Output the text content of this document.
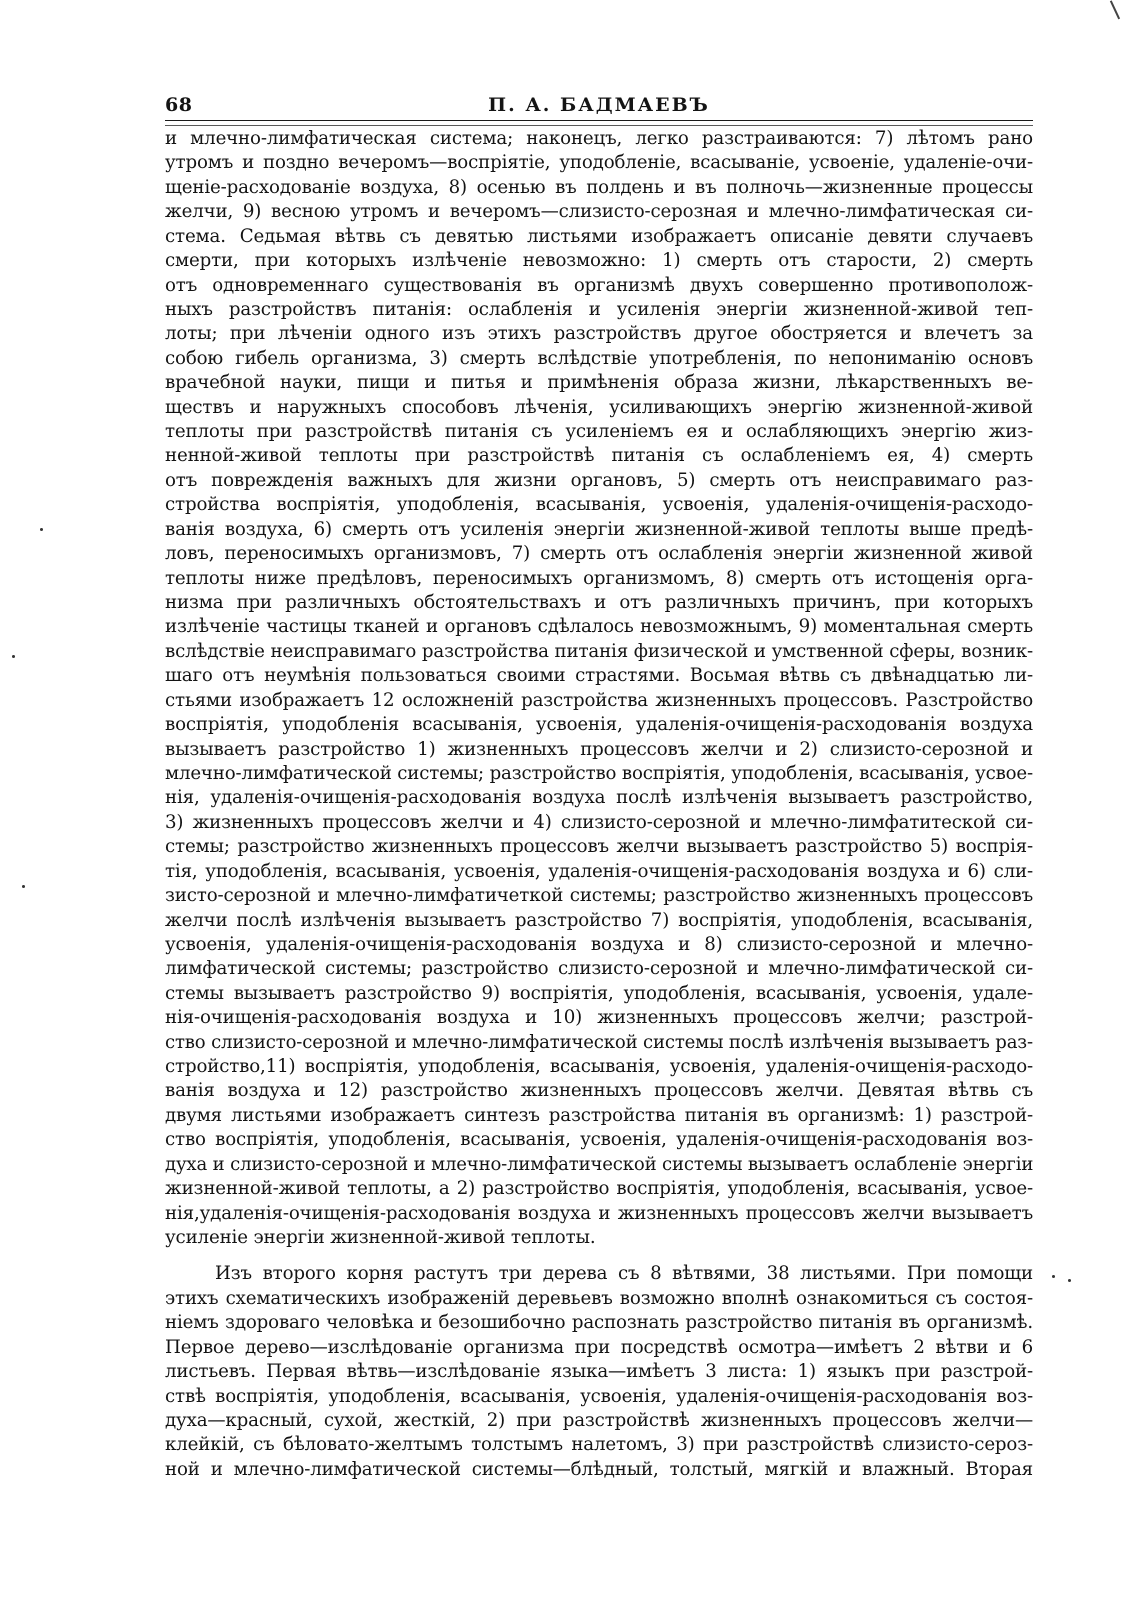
68	П. А. БАДМАЕВЪ
и млечно-лимфатическая система; наконецъ, легко разстраиваются: 7) лѣтомъ рано
утромъ и поздно вечеромъ—воспріятіе, уподобленіе, всасываніе, усвоеніе, удаленіе-очи-
щеніе-расходованіе воздуха, 8) осенью въ полдень и въ полночь—жизненные процессы
желчи, 9) весною утромъ и вечеромъ—слизисто-серозная и млечно-лимфатическая си-
стема. Седьмая вѣтвь съ девятью листьями изображаетъ описаніе девяти случаевъ
смерти, при которыхъ излѣченіе невозможно: 1) смерть отъ старости, 2) смерть
отъ одновременнаго существованія въ организмѣ двухъ совершенно противополож-
ныхъ разстройствъ питанія: ослабленія и усиленія энергіи жизненной-живой теп-
лоты; при лѣченіи одного изъ этихъ разстройствъ другое обостряется и влечетъ за
собою гибель организма, 3) смерть вслѣдствіе употребленія, по непониманію основъ
врачебной науки, пищи и питья и примѣненія образа жизни, лѣкарственныхъ ве-
ществъ и наружныхъ способовъ лѣченія, усиливающихъ энергію жизненной-живой
теплоты при разстройствѣ питанія съ усиленіемъ ея и ослабляющихъ энергію жиз-
ненной-живой теплоты при разстройствѣ питанія съ ослабленіемъ ея, 4) смерть
отъ поврежденія важныхъ для жизни органовъ, 5) смерть отъ неисправимаго раз-
стройства воспріятія, уподобленія, всасыванія, усвоенія, удаленія-очищенія-расходо-
ванія воздуха, 6) смерть отъ усиленія энергіи жизненной-живой теплоты выше предѣ-
ловъ, переносимыхъ организмовъ, 7) смерть отъ ослабленія энергіи жизненной живой
теплоты ниже предѣловъ, переносимыхъ организмомъ, 8) смерть отъ истощенія орга-
низма при различныхъ обстоятельствахъ и отъ различныхъ причинъ, при которыхъ
излѣченіе частицы тканей и органовъ сдѣлалось невозможнымъ, 9) моментальная смерть
вслѣдствіе неисправимаго разстройства питанія физической и умственной сферы, возник-
шаго отъ неумѣнія пользоваться своими страстями. Восьмая вѣтвь съ двѣнадцатью ли-
стьями изображаетъ 12 осложненій разстройства жизненныхъ процессовъ. Разстройство
воспріятія, уподобленія всасыванія, усвоенія, удаленія-очищенія-расходованія воздуха
вызываетъ разстройство 1) жизненныхъ процессовъ желчи и 2) слизисто-серозной и
млечно-лимфатической системы; разстройство воспріятія, уподобленія, всасыванія, усвое-
нія, удаленія-очищенія-расходованія воздуха послѣ излѣченія вызываетъ разстройство,
3) жизненныхъ процессовъ желчи и 4) слизисто-серозной и млечно-лимфатитеской си-
стемы; разстройство жизненныхъ процессовъ желчи вызываетъ разстройство 5) воспрія-
тія, уподобленія, всасыванія, усвоенія, удаленія-очищенія-расходованія воздуха и 6) сли-
зисто-серозной и млечно-лимфатичеткой системы; разстройство жизненныхъ процессовъ
желчи послѣ излѣченія вызываетъ разстройство 7) воспріятія, уподобленія, всасыванія,
усвоенія, удаленія-очищенія-расходованія воздуха и 8) слизисто-серозной и млечно-
лимфатической системы; разстройство слизисто-серозной и млечно-лимфатической си-
стемы вызываетъ разстройство 9) воспріятія, уподобленія, всасыванія, усвоенія, удале-
нія-очищенія-расходованія воздуха и 10) жизненныхъ процессовъ желчи; разстрой-
ство слизисто-серозной и млечно-лимфатической системы послѣ излѣченія вызываетъ раз-
стройство,11) воспріятія, уподобленія, всасыванія, усвоенія, удаленія-очищенія-расходо-
ванія воздуха и 12) разстройство жизненныхъ процессовъ желчи. Девятая вѣтвь съ
двумя листьями изображаетъ синтезъ разстройства питанія въ организмѣ: 1) разстрой-
ство воспріятія, уподобленія, всасыванія, усвоенія, удаленія-очищенія-расходованія воз-
духа и слизисто-серозной и млечно-лимфатической системы вызываетъ ослабленіе энергіи
жизненной-живой теплоты, а 2) разстройство воспріятія, уподобленія, всасыванія, усвое-
нія,удаленія-очищенія-расходованія воздуха и жизненныхъ процессовъ желчи вызываетъ
усиленіе энергіи жизненной-живой теплоты.
Изъ второго корня растутъ три дерева съ 8 вѣтвями, 38 листьями. При помощи
этихъ схематическихъ изображеній деревьевъ возможно вполнѣ ознакомиться съ состоя-
ніемъ здороваго человѣка и безошибочно распознать разстройство питанія въ организмѣ.
Первое дерево—изслѣдованіе организма при посредствѣ осмотра—имѣетъ 2 вѣтви и 6
листьевъ. Первая вѣтвь—изслѣдованіе языка—имѣетъ 3 листа: 1) языкъ при разстрой-
ствѣ воспріятія, уподобленія, всасыванія, усвоенія, удаленія-очищенія-расходованія воз-
духа—красный, сухой, жесткій, 2) при разстройствѣ жизненныхъ процессовъ желчи—
клейкій, съ бѣловато-желтымъ толстымъ налетомъ, 3) при разстройствѣ слизисто-сероз-
ной и млечно-лимфатической системы—блѣдный, толстый, мягкій и влажный. Вторая
